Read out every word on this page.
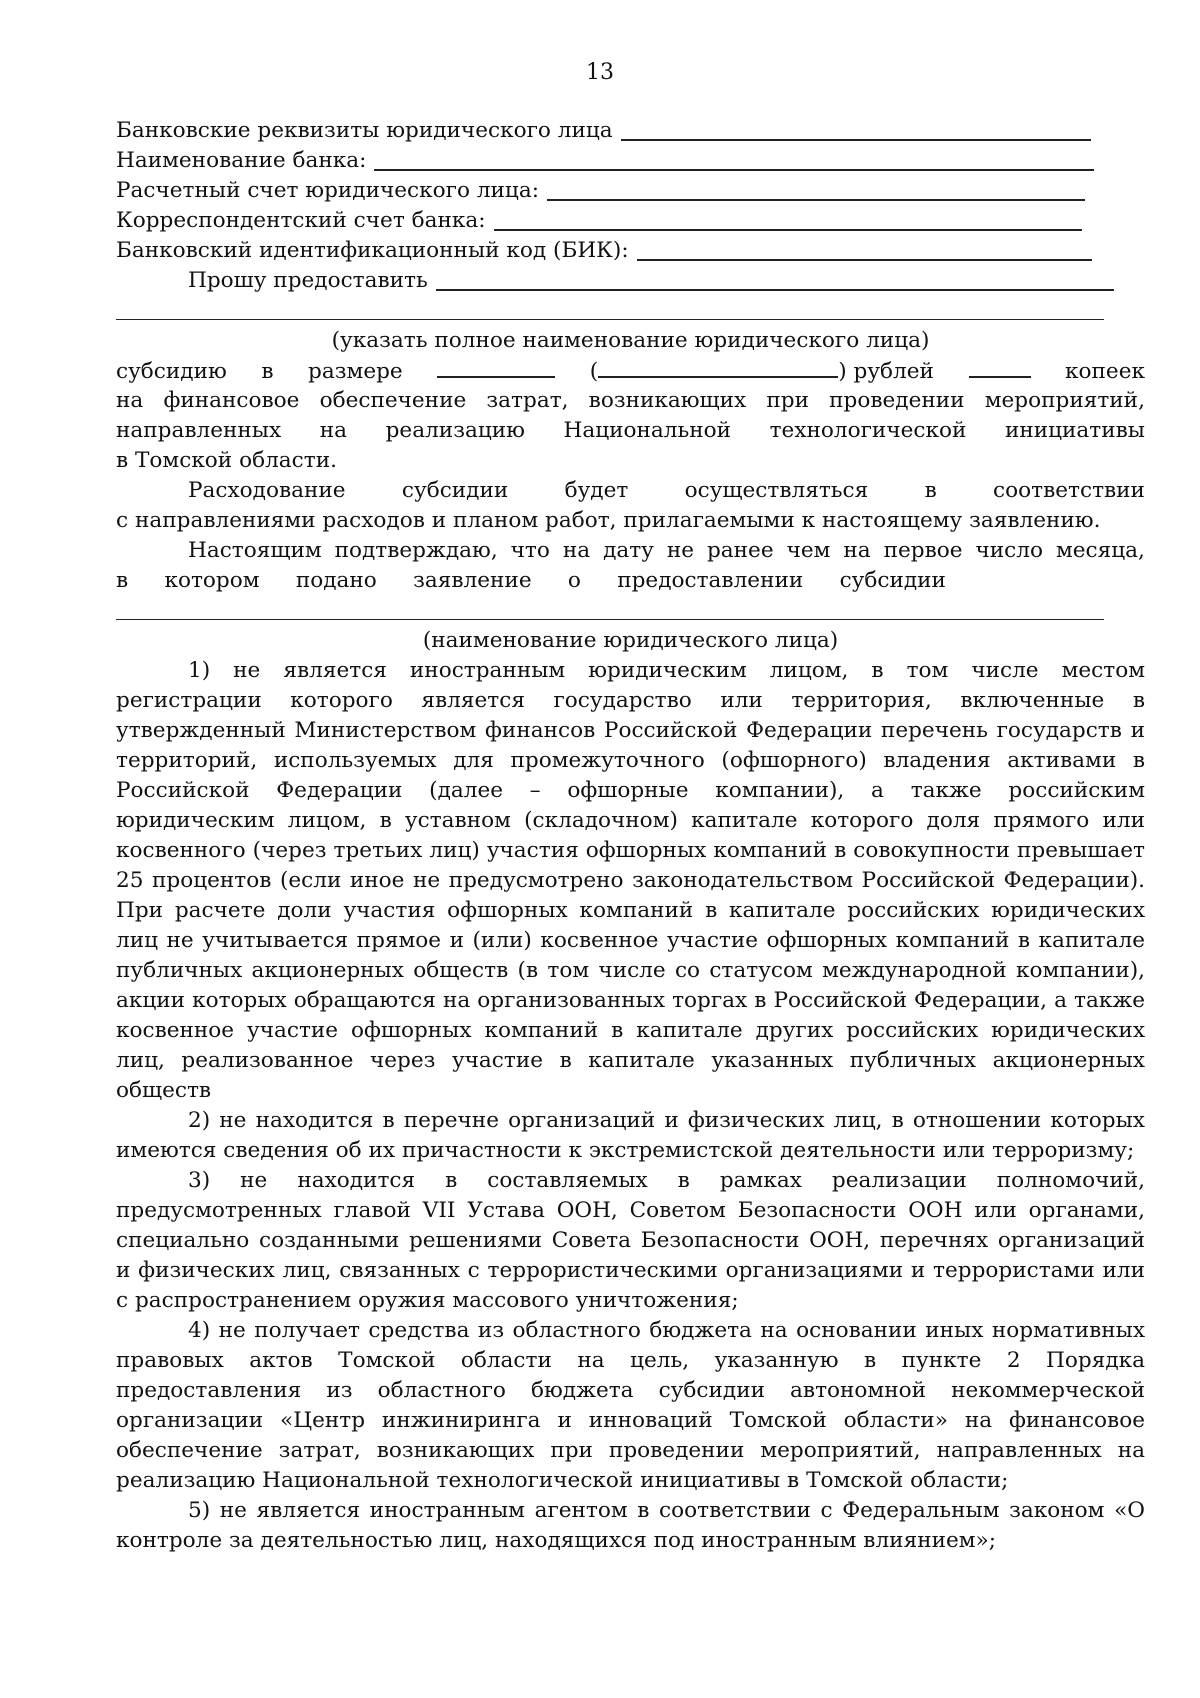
13
Банковские реквизиты юридического лица
Наименование банка:
Расчетный счет юридического лица:
Корреспондентский счет банка:
Банковский идентификационный код (БИК):
Прошу предоставить
(указать полное наименование юридического лица)
субсидию в размере	(	) рублей	копеек
на финансовое обеспечение затрат, возникающих при проведении мероприятий,
направленных на реализацию Национальной технологической инициативы
в Томской области.
Расходование	субсидии	будет	осуществляться	в	соответствии
с направлениями расходов и планом работ, прилагаемыми к настоящему заявлению.
Настоящим подтверждаю, что на дату не ранее чем на первое число месяца,
в котором подано заявление о предоставлении субсидии
(наименование юридического лица)

1) не является иностранным юридическим лицом, в том числе местом регистрации которого является государство или территория, включенные в утвержденный Министерством финансов Российской Федерации перечень государств и территорий, используемых для промежуточного (офшорного) владения активами в Российской Федерации (далее – офшорные компании), а также российским юридическим лицом, в уставном (складочном) капитале которого доля прямого или косвенного (через третьих лиц) участия офшорных компаний в совокупности превышает 25 процентов (если иное не предусмотрено законодательством Российской Федерации). При расчете доли участия офшорных компаний в капитале российских юридических лиц не учитывается прямое и (или) косвенное участие офшорных компаний в капитале публичных акционерных обществ (в том числе со статусом международной компании), акции которых обращаются на организованных торгах в Российской Федерации, а также косвенное участие офшорных компаний в капитале других российских юридических лиц, реализованное через участие в капитале указанных публичных акционерных обществ

2) не находится в перечне организаций и физических лиц, в отношении которых имеются сведения об их причастности к экстремистской деятельности или терроризму;

3) не находится в составляемых в рамках реализации полномочий, предусмотренных главой VII Устава ООН, Советом Безопасности ООН или органами, специально созданными решениями Совета Безопасности ООН, перечнях организаций и физических лиц, связанных с террористическими организациями и террористами или с распространением оружия массового уничтожения;

4) не получает средства из областного бюджета на основании иных нормативных правовых актов Томской области на цель, указанную в пункте 2 Порядка предоставления из областного бюджета субсидии автономной некоммерческой организации «Центр инжиниринга и инноваций Томской области» на финансовое обеспечение затрат, возникающих при проведении мероприятий, направленных на реализацию Национальной технологической инициативы в Томской области;

5) не является иностранным агентом в соответствии с Федеральным законом «О контроле за деятельностью лиц, находящихся под иностранным влиянием»;
